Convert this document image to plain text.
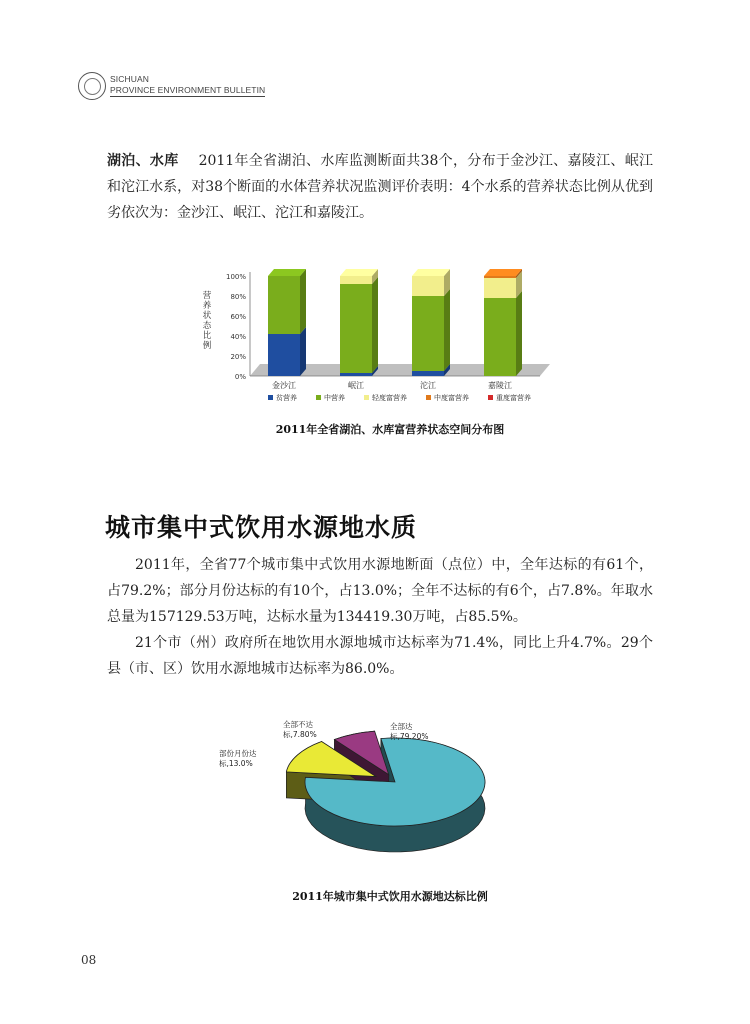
SICHUAN
PROVINCE ENVIRONMENT BULLETIN
湖泊、水库 2011年全省湖泊、水库监测断面共38个，分布于金沙江、嘉陵江、岷江和沱江水系，对38个断面的水体营养状况监测评价表明：4个水系的营养状态比例从优到劣依次为：金沙江、岷江、沱江和嘉陵江。
0%
20%
40%
60%
80%
100%
营
养
状
态
比
例
金沙江	岷江	沱江	嘉陵江
贫营养	中营养	轻度富营养	中度富营养	重度富营养
2011年全省湖泊、水库富营养状态空间分布图
城市集中式饮用水源地水质
2011年，全省77个城市集中式饮用水源地断面（点位）中，全年达标的有61个，占79.2%；部分月份达标的有10个，占13.0%；全年不达标的有6个，占7.8%。年取水总量为157129.53万吨，达标水量为134419.30万吨，占85.5%。
21个市（州）政府所在地饮用水源地城市达标率为71.4%，同比上升4.7%。29个县（市、区）饮用水源地城市达标率为86.0%。
全部达标,79.20%
部份月份达标,13.0%
全部不达标,7.80%
2011年城市集中式饮用水源地达标比例
08
